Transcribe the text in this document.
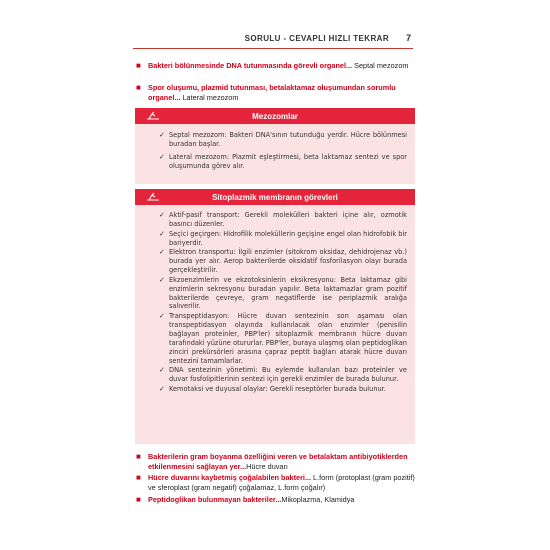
SORULU - CEVAPLI HIZLI TEKRAR 7
■ Bakteri bölünmesinde DNA tutunmasında görevli organel... Septal mezozom
■ Spor oluşumu, plazmid tutunması, betalaktamaz oluşumundan sorumlu organel... Lateral mezozom
Mezozomlar
✓ Septal mezozom: Bakteri DNA'sının tutunduğu yerdir. Hücre bölünmesi buradan başlar.
✓ Lateral mezozom: Plazmit eşleştirmesi, beta laktamaz sentezi ve spor oluşumunda görev alır.
Sitoplazmik membranın görevleri
✓ Aktif-pasif transport: Gerekli molekülleri bakteri içine alır, ozmotik basıncı düzenler.
✓ Seçici geçirgen: Hidrofilik moleküllerin geçişine engel olan hidrofobik bir bariyerdir.
✓ Elektron transportu: İlgili enzimler (sitokrom oksidaz, dehidrojenaz vb.) burada yer alır. Aerop bakterilerde oksidatif fosforilasyon olayı burada gerçekleştirilir.
✓ Ekzoenzimlerin ve ekzotoksinlerin eksikresyonu: Beta laktamaz gibi enzimlerin sekresyonu buradan yapılır. Beta laktamazlar gram pozitif bakterilerde çevreye, gram negatiflerde ise periplazmik aralığa salıverilir.
✓ Transpeptidasyon: Hücre duvarı sentezinin son aşaması olan transpeptidasyon olayında kullanılacak olan enzimler (penisilin bağlayan proteinler, PBP'ler) sitoplazmik membranın hücre duvarı tarafındaki yüzüne otururlar. PBP'ler, buraya ulaşmış olan peptidoglikan zinciri prekürsörleri arasına çapraz peptit bağları atarak hücre duvarı sentezini tamamlarlar.
✓ DNA sentezinin yönetimi: Bu eylemde kullanılan bazı proteinler ve duvar fosfolipitlerinin sentezi için gerekli enzimler de burada bulunur.
✓ Kemotaksi ve duyusal olaylar: Gerekli reseptörler burada bulunur.
■ Bakterilerin gram boyanma özelliğini veren ve betalaktam antibiyotiklerden etkilenmesini sağlayan yer...Hücre duvarı
■ Hücre duvarını kaybetmiş çoğalabilen bakteri... L.form (protoplast (gram pozitif) ve sferoplast (gram negatif) çoğalamaz, L.form çoğalır)
■ Peptidoglikan bulunmayan bakteriler...Mikoplazma, Klamidya
